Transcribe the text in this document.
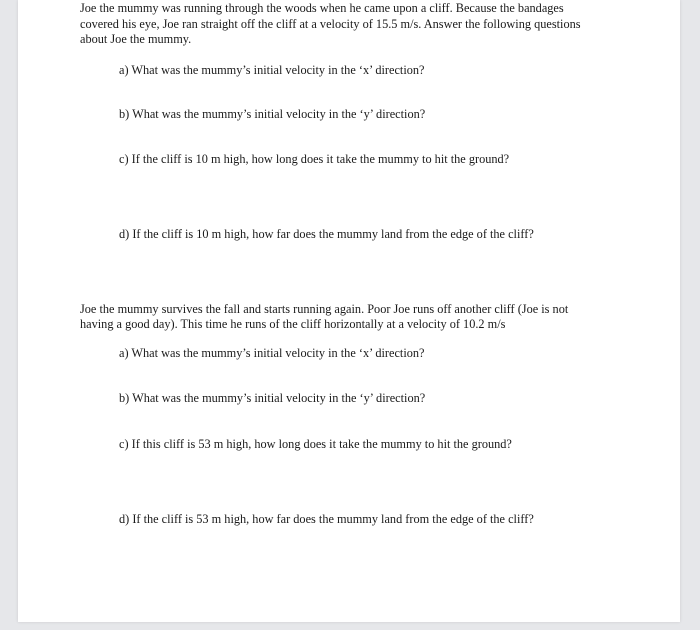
Joe the mummy was running through the woods when he came upon a cliff. Because the bandages
covered his eye, Joe ran straight off the cliff at a velocity of 15.5 m/s. Answer the following questions
about Joe the mummy.
a) What was the mummy’s initial velocity in the ‘x’ direction?
b) What was the mummy’s initial velocity in the ‘y’ direction?
c) If the cliff is 10 m high, how long does it take the mummy to hit the ground?
d) If the cliff is 10 m high, how far does the mummy land from the edge of the cliff?
Joe the mummy survives the fall and starts running again. Poor Joe runs off another cliff (Joe is not
having a good day). This time he runs of the cliff horizontally at a velocity of 10.2 m/s
a) What was the mummy’s initial velocity in the ‘x’ direction?
b) What was the mummy’s initial velocity in the ‘y’ direction?
c) If this cliff is 53 m high, how long does it take the mummy to hit the ground?
d) If the cliff is 53 m high, how far does the mummy land from the edge of the cliff?
